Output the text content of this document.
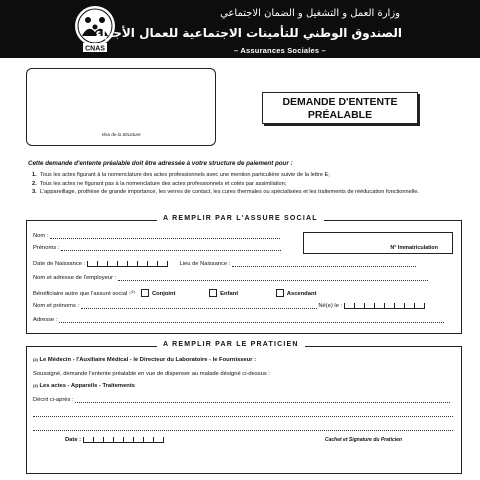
CNAS
وزارة العمل و التشغيل و الضمان الاجتماعي
الصندوق الوطني للتأمينات الاجتماعية للعمال الأجراء
– Assurances Sociales –
Visa de la Structure
DEMANDE D'ENTENTE
PRÉALABLE
Cette demande d'entente préalable doit être adressée à votre structure de paiement pour :
1. Tous les actes figurant à la nomenclature des actes professionnels avec une mention particulière suivie de la lettre E;
2. Tous les actes ne figurant pas à la nomenclature des actes professionnels et cotés par assimilation;
3. L'appareillage, prothèse de grande importance, les verres de contact, les cures thermales ou spécialisées et les traitements de rééducation fonctionnelle.
A REMPLIR PAR L'ASSURE SOCIAL
Nom :
Prénoms :	N° Immatriculation
Date de Naissance :	Lieu de Naissance :
Nom et adresse de l'employeur :
Bénéficiaire autre que l'assuré social :$^{(1)}$	Conjoint	Enfant	Ascendant
Nom et prénoms :	Né(e) le :
Adresse :
A REMPLIR PAR LE PRATICIEN
$^{(2)}$ Le Médecin - l'Auxiliaire Médical - le Directeur du Laboratoire - le Fournisseur :
Soussigné, demande l'entente préalable en vue de dispenser au malade désigné ci-dessus :
$^{(2)}$ Les actes - Appareils - Traitements
Décrit ci-après :
Date :	Cachet et Signature du Praticien
